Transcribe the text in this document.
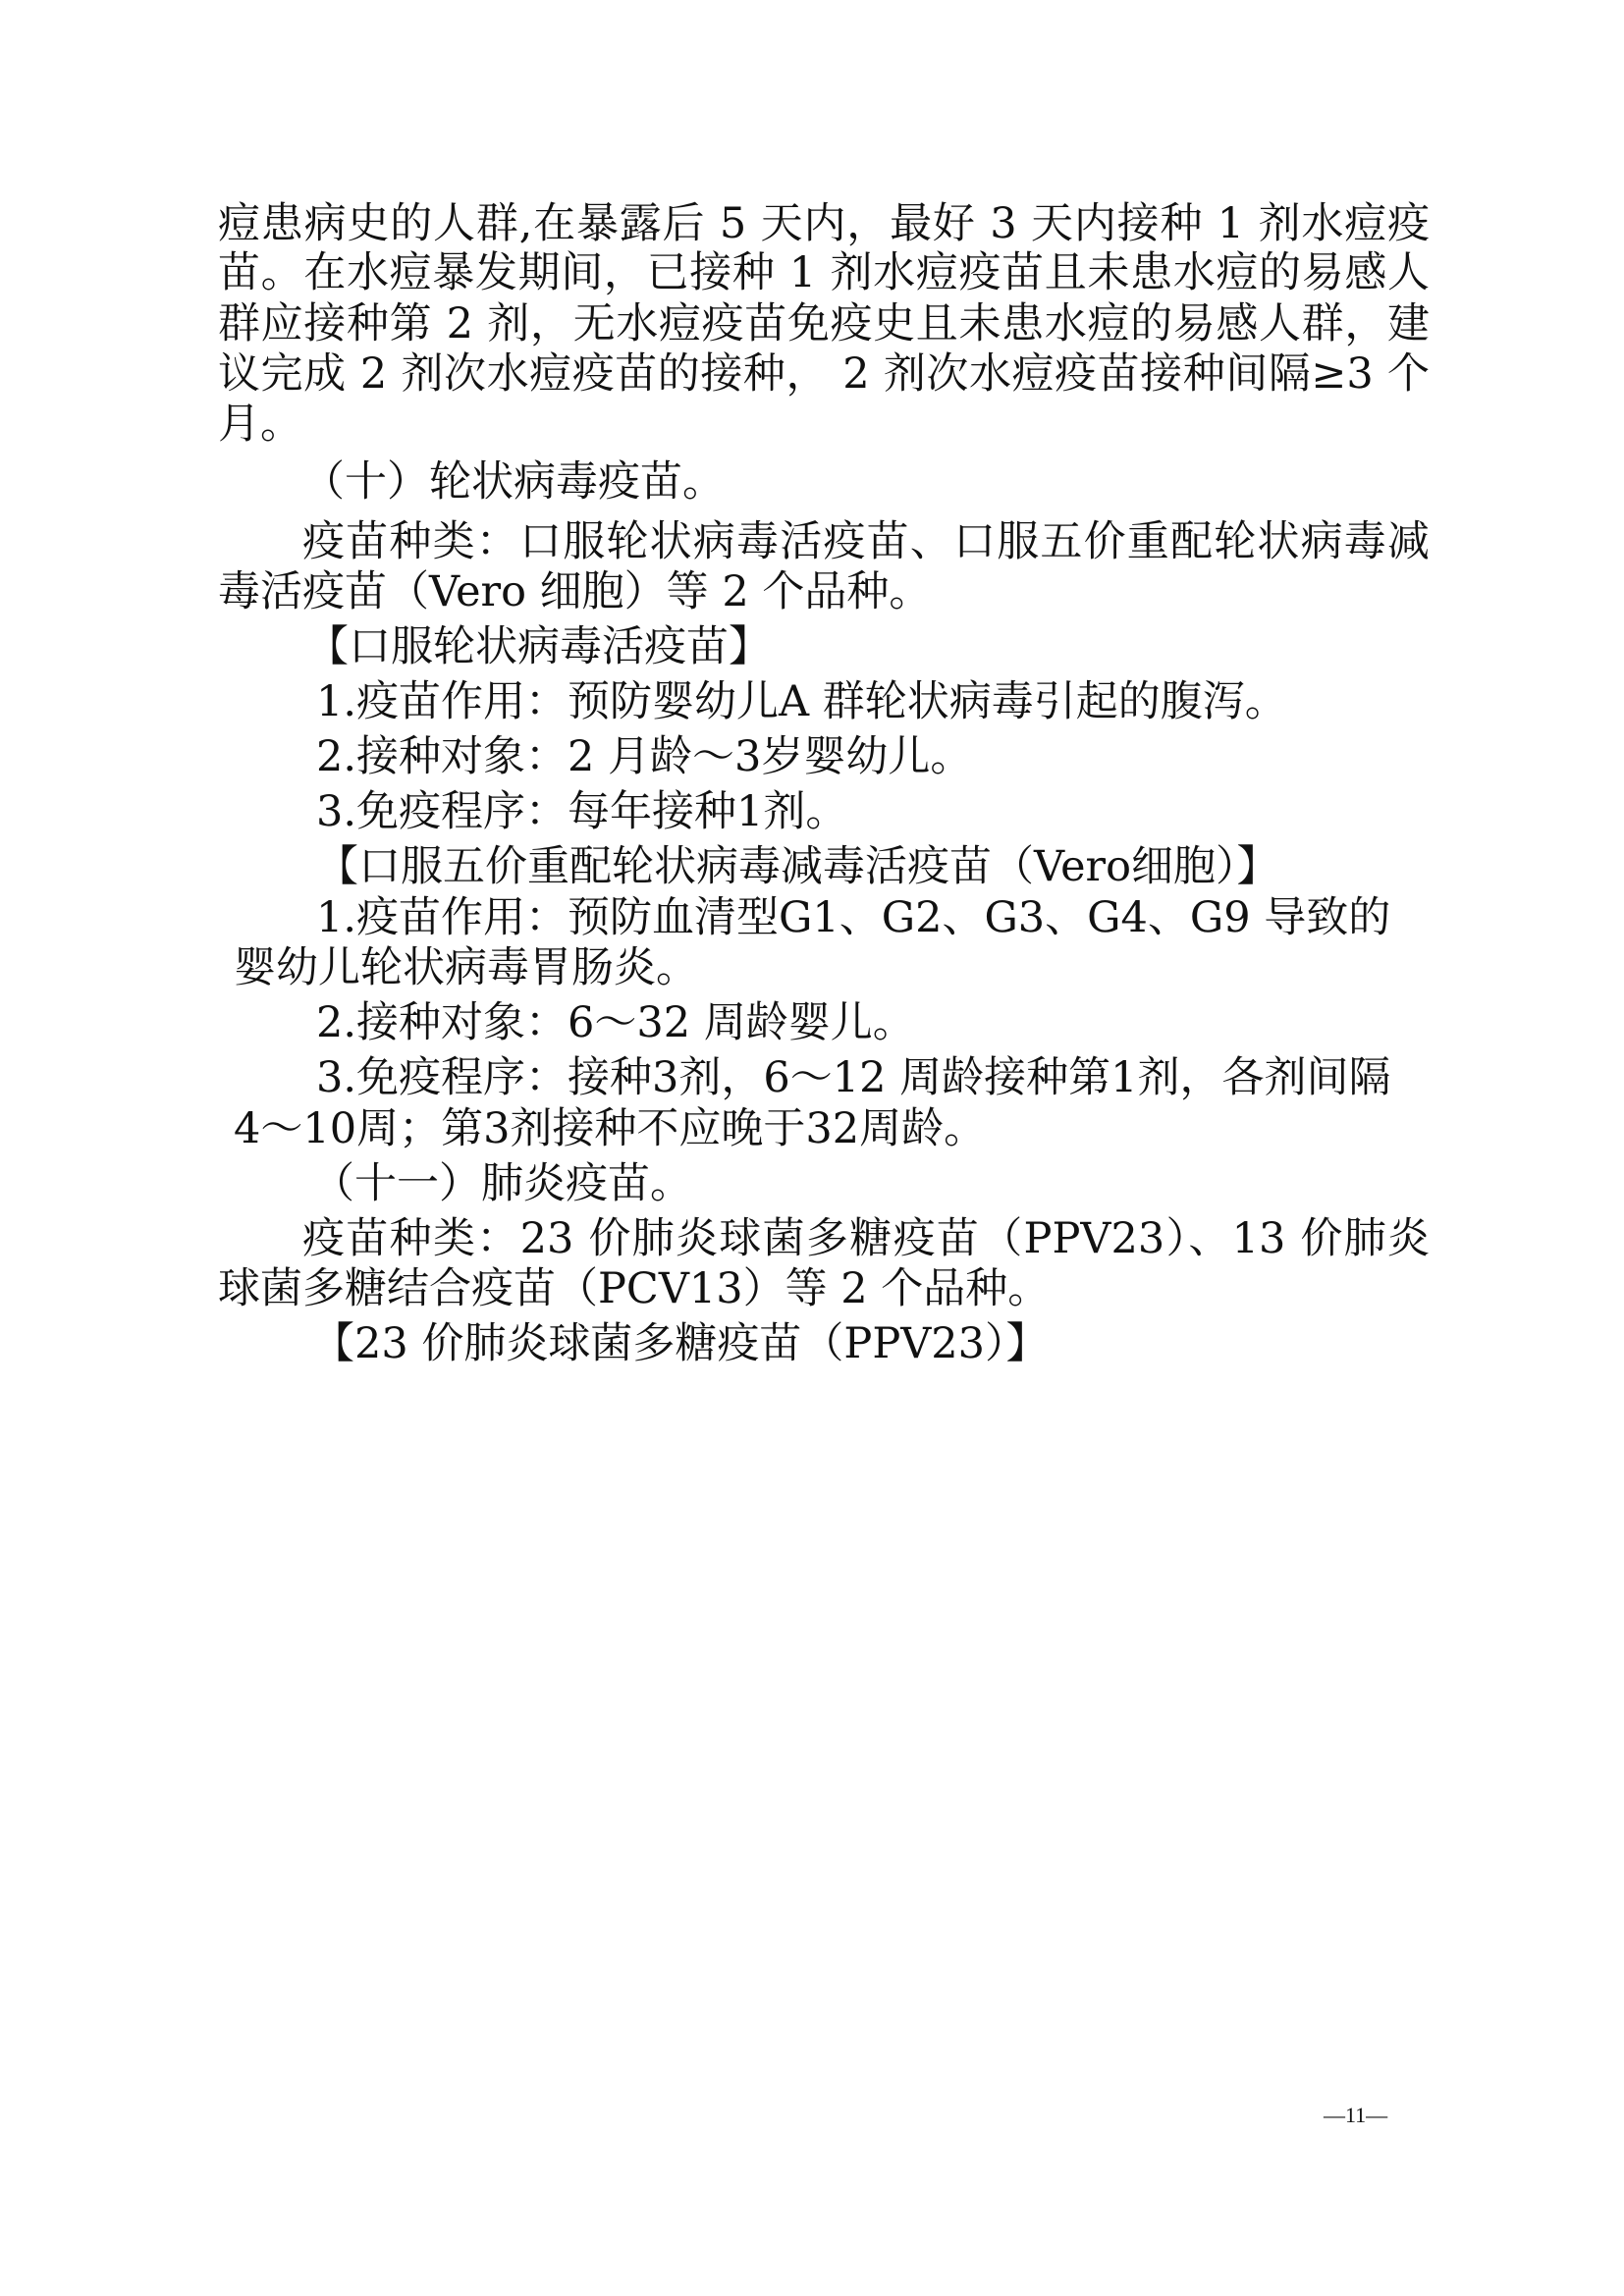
痘患病史的人群,在暴露后 5 天内，最好 3 天内接种 1 剂水痘疫
苗。在水痘暴发期间，已接种 1 剂水痘疫苗且未患水痘的易感人
群应接种第 2 剂，无水痘疫苗免疫史且未患水痘的易感人群，建
议完成 2 剂次水痘疫苗的接种， 2 剂次水痘疫苗接种间隔≥3 个
月。
（十）轮状病毒疫苗。
疫苗种类：口服轮状病毒活疫苗、口服五价重配轮状病毒减
毒活疫苗（Vero 细胞）等 2 个品种。
【口服轮状病毒活疫苗】
1.疫苗作用：预防婴幼儿A 群轮状病毒引起的腹泻。
2.接种对象：2 月龄～3岁婴幼儿。
3.免疫程序：每年接种1剂。
【口服五价重配轮状病毒减毒活疫苗（Vero细胞）】
1.疫苗作用：预防血清型G1、G2、G3、G4、G9 导致的
婴幼儿轮状病毒胃肠炎。
2.接种对象：6～32 周龄婴儿。
3.免疫程序：接种3剂，6～12 周龄接种第1剂，各剂间隔
4～10周；第3剂接种不应晚于32周龄。
（十一）肺炎疫苗。
疫苗种类：23 价肺炎球菌多糖疫苗（PPV23）、13 价肺炎
球菌多糖结合疫苗（PCV13）等 2 个品种。
【23 价肺炎球菌多糖疫苗（PPV23）】
—11—
